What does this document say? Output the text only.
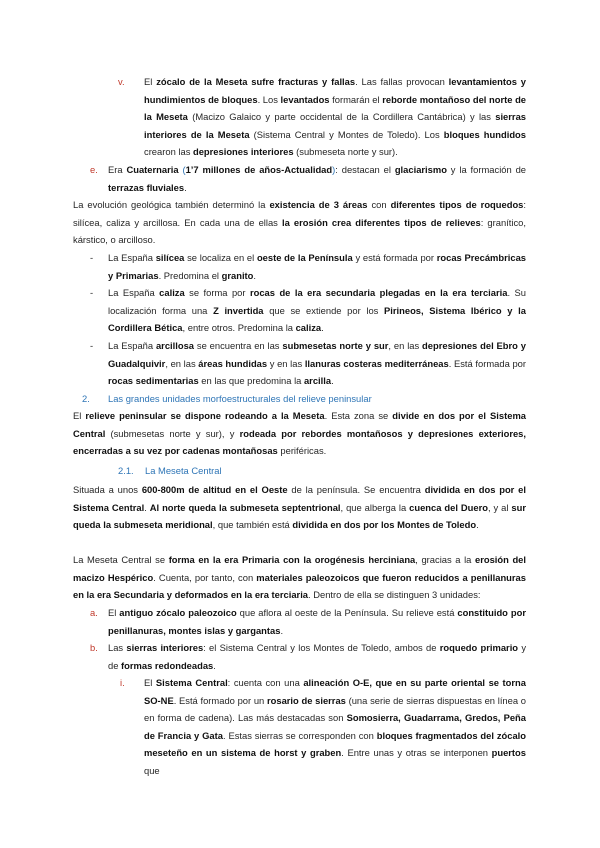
v. El zócalo de la Meseta sufre fracturas y fallas. Las fallas provocan levantamientos y hundimientos de bloques. Los levantados formarán el reborde montañoso del norte de la Meseta (Macizo Galaico y parte occidental de la Cordillera Cantábrica) y las sierras interiores de la Meseta (Sistema Central y Montes de Toledo). Los bloques hundidos crearon las depresiones interiores (submeseta norte y sur).
e. Era Cuaternaria (1’7 millones de años-Actualidad): destacan el glaciarismo y la formación de terrazas fluviales.
La evolución geológica también determinó la existencia de 3 áreas con diferentes tipos de roquedos: silícea, caliza y arcillosa. En cada una de ellas la erosión crea diferentes tipos de relieves: granítico, kárstico, o arcilloso.
- La España silícea se localiza en el oeste de la Península y está formada por rocas Precámbricas y Primarias. Predomina el granito.
- La España caliza se forma por rocas de la era secundaria plegadas en la era terciaria. Su localización forma una Z invertida que se extiende por los Pirineos, Sistema Ibérico y la Cordillera Bética, entre otros. Predomina la caliza.
- La España arcillosa se encuentra en las submesetas norte y sur, en las depresiones del Ebro y Guadalquivir, en las áreas hundidas y en las llanuras costeras mediterráneas. Está formada por rocas sedimentarias en las que predomina la arcilla.
2. Las grandes unidades morfoestructurales del relieve peninsular
El relieve peninsular se dispone rodeando a la Meseta. Esta zona se divide en dos por el Sistema Central (submesetas norte y sur), y rodeada por rebordes montañosos y depresiones exteriores, encerradas a su vez por cadenas montañosas periféricas.
2.1. La Meseta Central
Situada a unos 600-800m de altitud en el Oeste de la península. Se encuentra dividida en dos por el Sistema Central. Al norte queda la submeseta septentrional, que alberga la cuenca del Duero, y al sur queda la submeseta meridional, que también está dividida en dos por los Montes de Toledo.
La Meseta Central se forma en la era Primaria con la orogénesis herciniana, gracias a la erosión del macizo Hespérico. Cuenta, por tanto, con materiales paleozoicos que fueron reducidos a penillanuras en la era Secundaria y deformados en la era terciaria. Dentro de ella se distinguen 3 unidades:
a. El antiguo zócalo paleozoico que aflora al oeste de la Península. Su relieve está constituido por penillanuras, montes islas y gargantas.
b. Las sierras interiores: el Sistema Central y los Montes de Toledo, ambos de roquedo primario y de formas redondeadas.
i. El Sistema Central: cuenta con una alineación O-E, que en su parte oriental se torna SO-NE. Está formado por un rosario de sierras (una serie de sierras dispuestas en línea o en forma de cadena). Las más destacadas son Somosierra, Guadarrama, Gredos, Peña de Francia y Gata. Estas sierras se corresponden con bloques fragmentados del zócalo meseteño en un sistema de horst y graben. Entre unas y otras se interponen puertos que
